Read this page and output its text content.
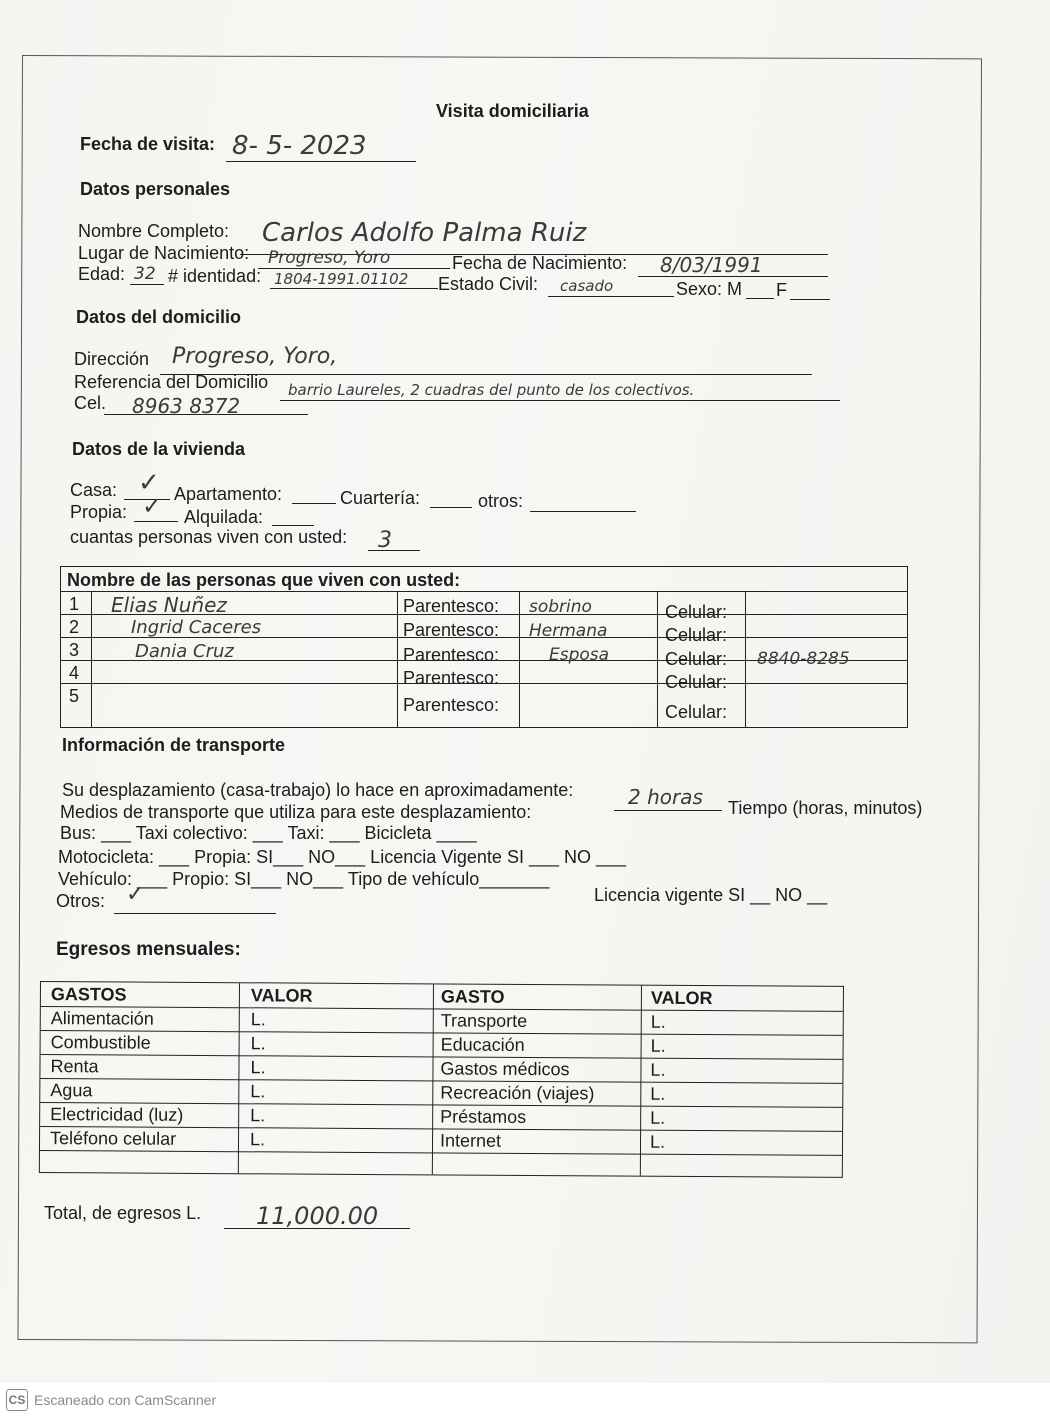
Visita domiciliaria
Fecha de visita: 8- 5- 2023
Datos personales
Nombre Completo: Carlos Adolfo Palma Ruiz
Lugar de Nacimiento: Progreso, Yoro	Fecha de Nacimiento: 8/03/1991
Edad: 32 # identidad: 1804-1991.01102 Estado Civil: casado	Sexo: M F
Datos del domicilio
Dirección Progreso, Yoro,
Referencia del Domicilio barrio Laureles, 2 cuadras del punto de los colectivos.
Cel. 8963 8372
Datos de la vivienda
Casa: ✓ Apartamento:	Cuartería:	otros:
Propia: ✓ Alquilada:
cuantas personas viven con usted: 3
Nombre de las personas que viven con usted:
1 Elias Nuñez	Parentesco: sobrino	Celular:
2	Ingrid Caceres	Parentesco: Hermana	Celular:
3	Dania Cruz	Parentesco:	Esposa	Celular: 8840-8285
4	Parentesco:	Celular:
5	Parentesco:	Celular:
Información de transporte
Su desplazamiento (casa-trabajo) lo hace en aproximadamente:	2 horas Tiempo (horas, minutos)
Medios de transporte que utiliza para este desplazamiento:
Bus: ___ Taxi colectivo: ___ Taxi: ___ Bicicleta ____
Motocicleta: ___ Propia: SI___ NO___ Licencia Vigente SI ___ NO ___
Vehículo: ___ Propio: SI___ NO___ Tipo de vehículo_______
Licencia vigente SI __ NO __
Otros: ✓
Egresos mensuales:
GASTOS	VALOR	GASTO	VALOR
Alimentación	L.	Transporte	L.
Combustible	L.	Educación	L.
Renta	L.	Gastos médicos	L.
Agua	L.	Recreación (viajes)	L.
Electricidad (luz)	L.	Préstamos	L.
Teléfono celular	L.	Internet	L.
Total, de egresos L. 11,000.00
CS Escaneado con CamScanner
